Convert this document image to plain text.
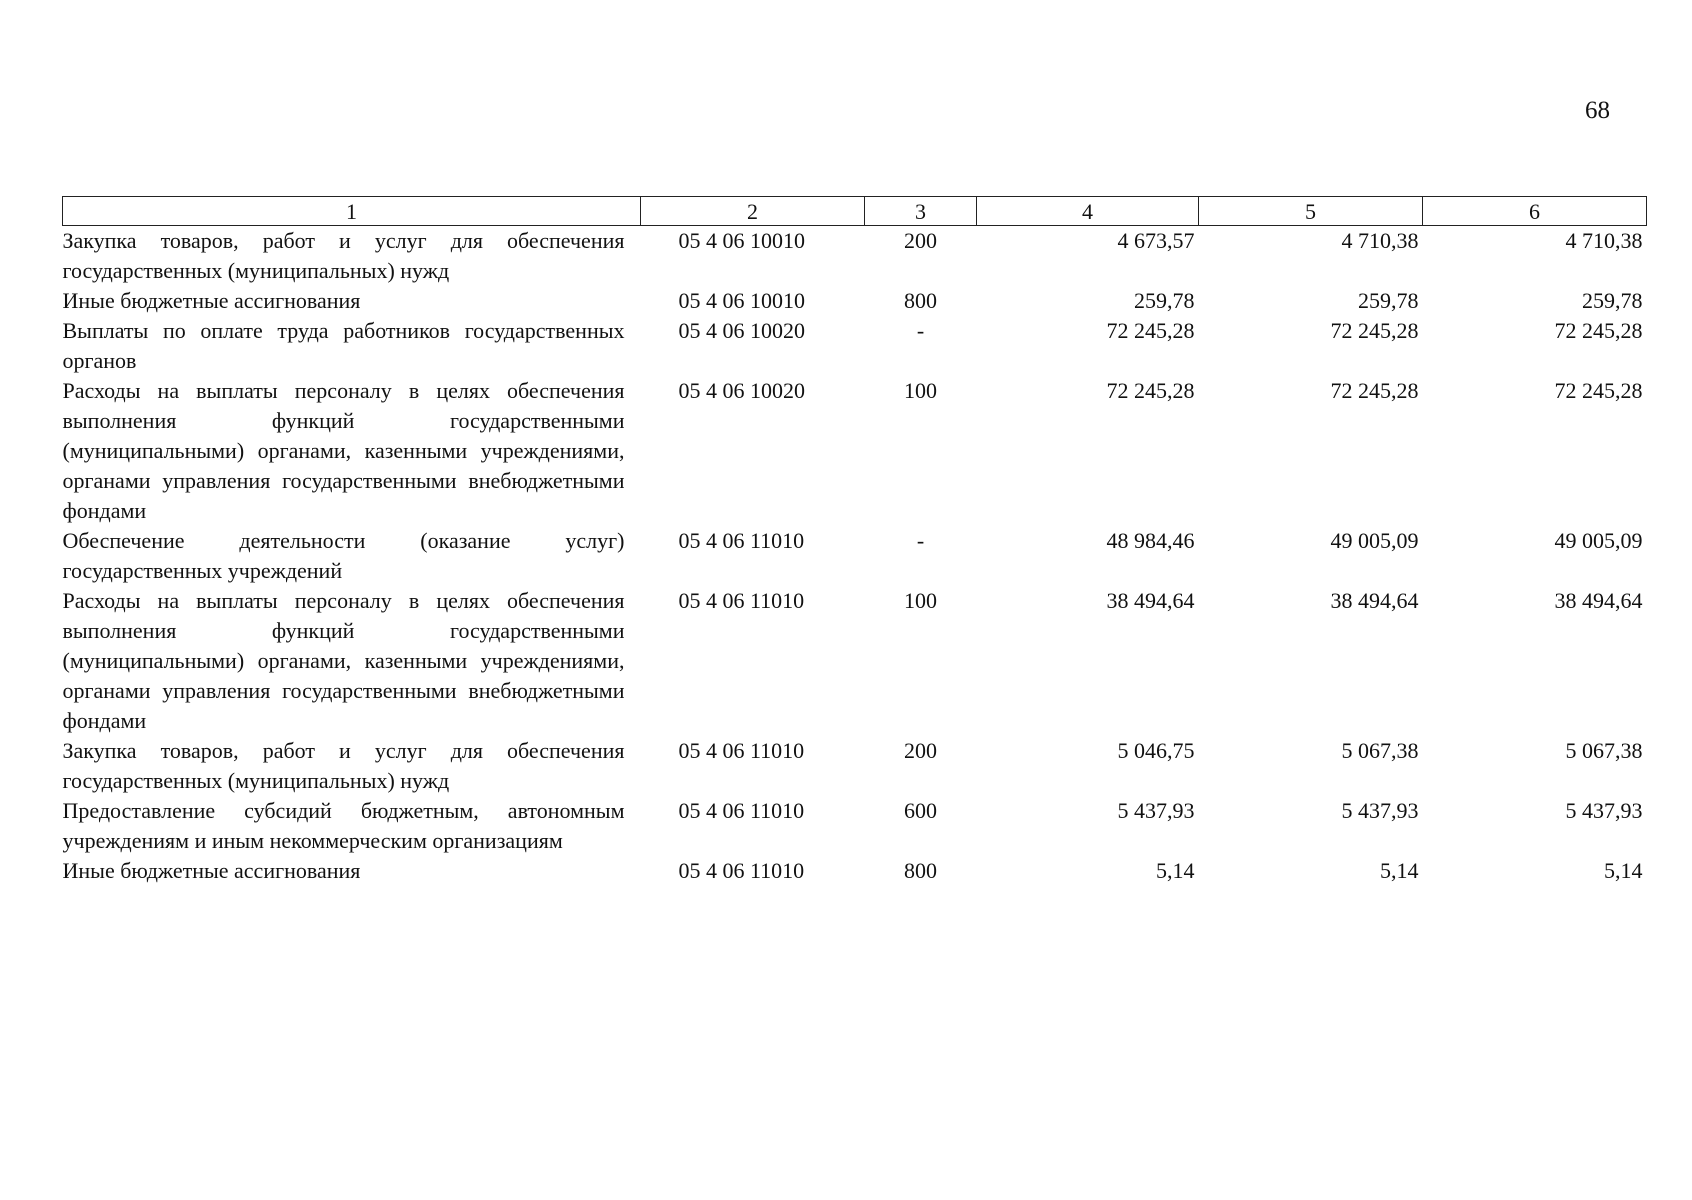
68
1	2	3	4	5	6
Закупка товаров, работ и услуг для обеспечения государственных (муниципальных) нужд	05 4 06 10010	200	4 673,57	4 710,38	4 710,38
Иные бюджетные ассигнования	05 4 06 10010	800	259,78	259,78	259,78
Выплаты по оплате труда работников государственных органов	05 4 06 10020	-	72 245,28	72 245,28	72 245,28
Расходы на выплаты персоналу в целях обеспечения выполнения функций государственными (муниципальными) органами, казенными учреждениями, органами управления государственными внебюджетными фондами	05 4 06 10020	100	72 245,28	72 245,28	72 245,28
Обеспечение деятельности (оказание услуг) государственных учреждений	05 4 06 11010	-	48 984,46	49 005,09	49 005,09
Расходы на выплаты персоналу в целях обеспечения выполнения функций государственными (муниципальными) органами, казенными учреждениями, органами управления государственными внебюджетными фондами	05 4 06 11010	100	38 494,64	38 494,64	38 494,64
Закупка товаров, работ и услуг для обеспечения государственных (муниципальных) нужд	05 4 06 11010	200	5 046,75	5 067,38	5 067,38
Предоставление субсидий бюджетным, автономным учреждениям и иным некоммерческим организациям	05 4 06 11010	600	5 437,93	5 437,93	5 437,93
Иные бюджетные ассигнования	05 4 06 11010	800	5,14	5,14	5,14
